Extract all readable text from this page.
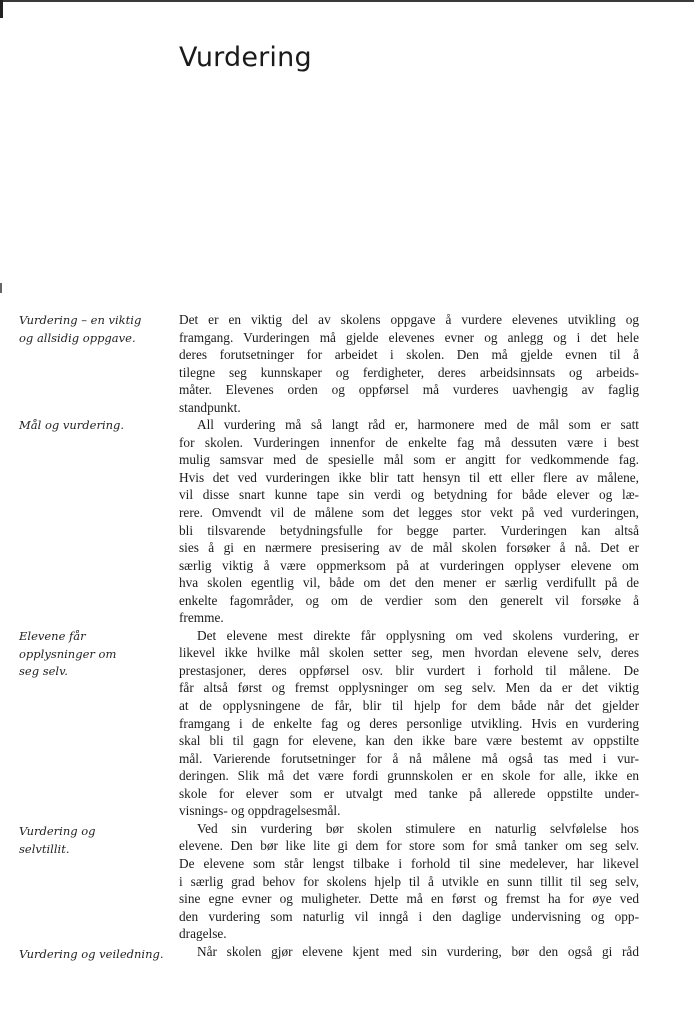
Vurdering
Vurdering – en viktig
og allsidig oppgave.
Mål og vurdering.
Elevene får
opplysninger om
seg selv.
Vurdering og
selvtillit.
Vurdering og veiledning.
Det er en viktig del av skolens oppgave å vurdere elevenes utvikling og
framgang. Vurderingen må gjelde elevenes evner og anlegg og i det hele
deres forutsetninger for arbeidet i skolen. Den må gjelde evnen til å
tilegne seg kunnskaper og ferdigheter, deres arbeidsinnsats og arbeids-
måter. Elevenes orden og oppførsel må vurderes uavhengig av faglig
standpunkt.
All vurdering må så langt råd er, harmonere med de mål som er satt
for skolen. Vurderingen innenfor de enkelte fag må dessuten være i best
mulig samsvar med de spesielle mål som er angitt for vedkommende fag.
Hvis det ved vurderingen ikke blir tatt hensyn til ett eller flere av målene,
vil disse snart kunne tape sin verdi og betydning for både elever og læ-
rere. Omvendt vil de målene som det legges stor vekt på ved vurderingen,
bli tilsvarende betydningsfulle for begge parter. Vurderingen kan altså
sies å gi en nærmere presisering av de mål skolen forsøker å nå. Det er
særlig viktig å være oppmerksom på at vurderingen opplyser elevene om
hva skolen egentlig vil, både om det den mener er særlig verdifullt på de
enkelte fagområder, og om de verdier som den generelt vil forsøke å
fremme.
Det elevene mest direkte får opplysning om ved skolens vurdering, er
likevel ikke hvilke mål skolen setter seg, men hvordan elevene selv, deres
prestasjoner, deres oppførsel osv. blir vurdert i forhold til målene. De
får altså først og fremst opplysninger om seg selv. Men da er det viktig
at de opplysningene de får, blir til hjelp for dem både når det gjelder
framgang i de enkelte fag og deres personlige utvikling. Hvis en vurdering
skal bli til gagn for elevene, kan den ikke bare være bestemt av oppstilte
mål. Varierende forutsetninger for å nå målene må også tas med i vur-
deringen. Slik må det være fordi grunnskolen er en skole for alle, ikke en
skole for elever som er utvalgt med tanke på allerede oppstilte under-
visnings- og oppdragelsesmål.
Ved sin vurdering bør skolen stimulere en naturlig selvfølelse hos
elevene. Den bør like lite gi dem for store som for små tanker om seg selv.
De elevene som står lengst tilbake i forhold til sine medelever, har likevel
i særlig grad behov for skolens hjelp til å utvikle en sunn tillit til seg selv,
sine egne evner og muligheter. Dette må en først og fremst ha for øye ved
den vurdering som naturlig vil inngå i den daglige undervisning og opp-
dragelse.
Når skolen gjør elevene kjent med sin vurdering, bør den også gi råd
